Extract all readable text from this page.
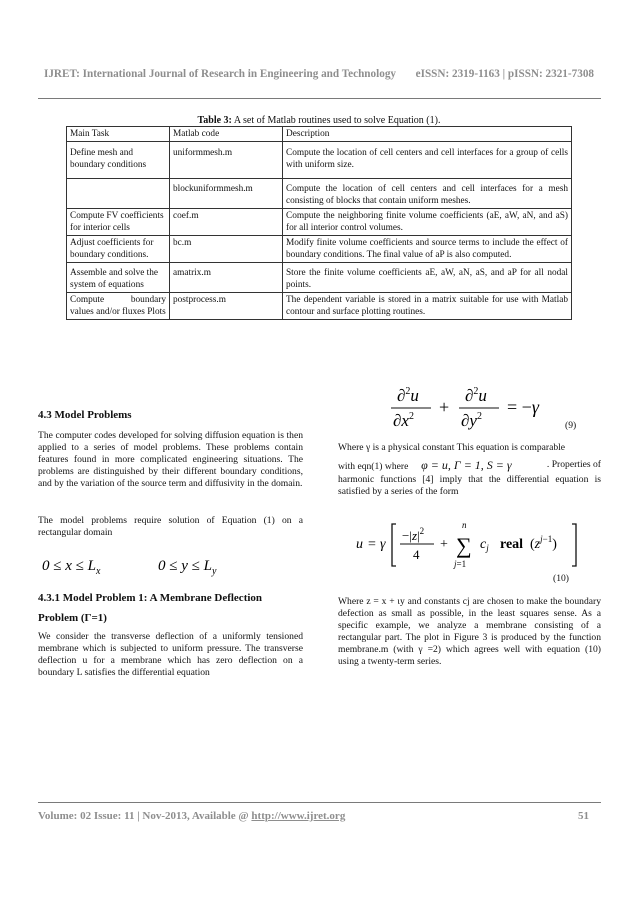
IJRET: International Journal of Research in Engineering and Technology eISSN: 2319-1163 | pISSN: 2321-7308
Table 3: A set of Matlab routines used to solve Equation (1).
Main Task	Matlab code	Description
Define mesh and boundary conditions	uniformmesh.m	Compute the location of cell centers and cell interfaces for a group of cells with uniform size.
	blockuniformmesh.m	Compute the location of cell centers and cell interfaces for a mesh consisting of blocks that contain uniform meshes.
Compute FV coefficients for interior cells	coef.m	Compute the neighboring finite volume coefficients (aE, aW, aN, and aS) for all interior control volumes.
Adjust coefficients for boundary conditions.	bc.m	Modify finite volume coefficients and source terms to include the effect of boundary conditions. The final value of aP is also computed.
Assemble and solve the system of equations	amatrix.m	Store the finite volume coefficients aE, aW, aN, aS, and aP for all nodal points.
Compute boundary values and/or fluxes Plots	postprocess.m	The dependent variable is stored in a matrix suitable for use with Matlab contour and surface plotting routines.
4.3 Model Problems
The computer codes developed for solving diffusion equation is then applied to a series of model problems. These problems contain features found in more complicated engineering situations. The problems are distinguished by their different boundary conditions, and by the variation of the source term and diffusivity in the domain.
The model problems require solution of Equation (1) on a rectangular domain
$0 \le x \le L_x$	$0 \le y \le L_y$
4.3.1 Model Problem 1: A Membrane Deflection
Problem (Γ=1)
We consider the transverse deflection of a uniformly tensioned membrane which is subjected to uniform pressure. The transverse deflection u for a membrane which has zero deflection on a boundary L satisfies the differential equation
∂$^2$u
$\partial x^2$ +
∂$^2$u
$\partial y^2 = -\gamma$
(9)
Where γ is a physical constant This equation is comparable
with eqn(1) where φ = u, Γ = 1, S = γ	. Properties of
harmonic functions [4] imply that the differential equation is satisfied by a series of the form
u = γ
$-|z|^2$
4
+
n
∑
j=1
$c_j$ real $(z^j-1)$
(10)
Where z = x + ιy and constants cj are chosen to make the boundary defection as small as possible, in the least squares sense. As a specific example, we analyze a membrane consisting of a rectangular part. The plot in Figure 3 is produced by the function membrane.m (with γ =2) which agrees well with equation (10) using a twenty-term series.
Volume: 02 Issue: 11 | Nov-2013, Available @ http://www.ijret.org	51
